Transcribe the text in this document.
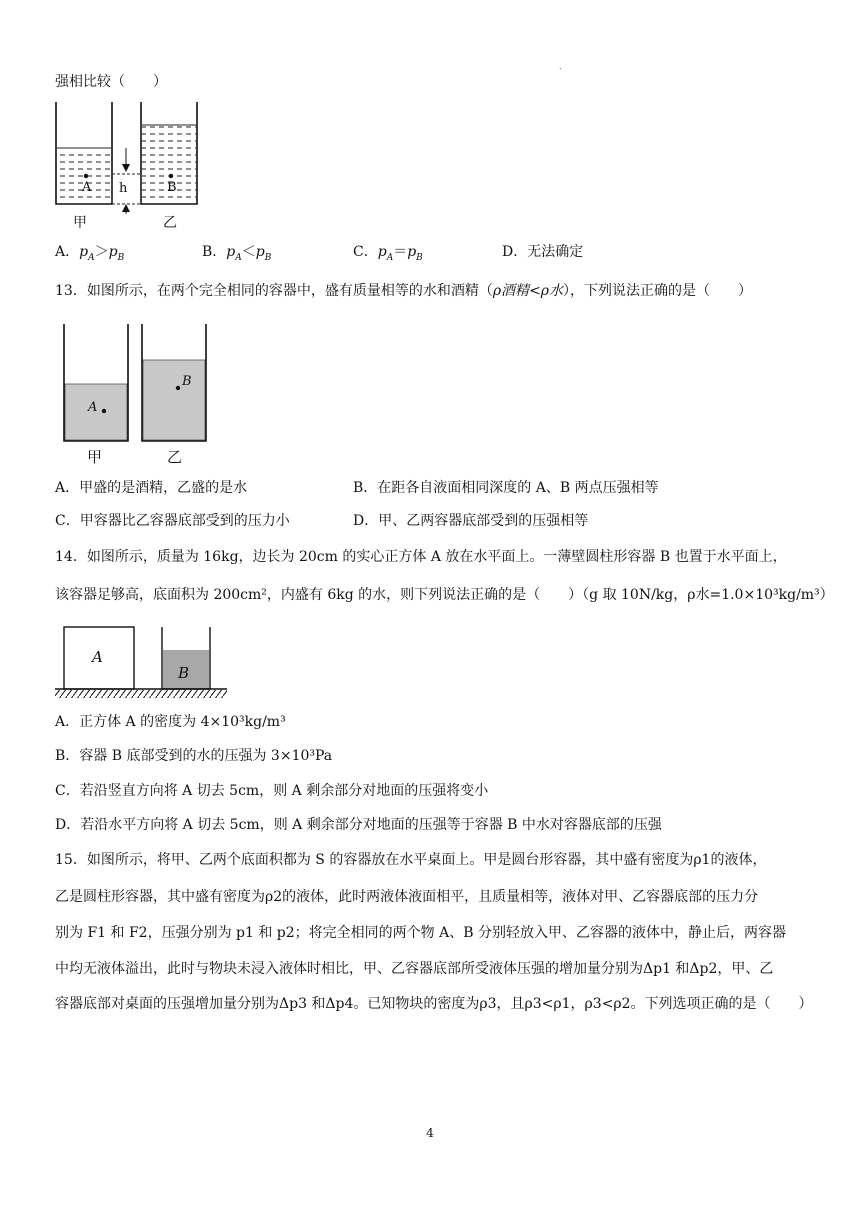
.
强相比较（　　）
A	B
h
甲	乙
A．$p_A>p_B$	B．$p_A<p_B$	C．$p_A=p_B$	D．无法确定
13．如图所示，在两个完全相同的容器中，盛有质量相等的水和酒精（ρ酒精<ρ水），下列说法正确的是（　　）
A
B
甲	乙
A．甲盛的是酒精，乙盛的是水	B．在距各自液面相同深度的 A、B 两点压强相等
C．甲容器比乙容器底部受到的压力小	D．甲、乙两容器底部受到的压强相等
14．如图所示，质量为 16kg，边长为 20cm 的实心正方体 A 放在水平面上。一薄壁圆柱形容器 B 也置于水平面上，
该容器足够高，底面积为 200cm²，内盛有 6kg 的水，则下列说法正确的是（　　）（g 取 10N/kg，ρ水=1.0×10³kg/m³）
A
B
A．正方体 A 的密度为 4×10³kg/m³
B．容器 B 底部受到的水的压强为 3×10³Pa
C．若沿竖直方向将 A 切去 5cm，则 A 剩余部分对地面的压强将变小
D．若沿水平方向将 A 切去 5cm，则 A 剩余部分对地面的压强等于容器 B 中水对容器底部的压强
15．如图所示，将甲、乙两个底面积都为 S 的容器放在水平桌面上。甲是圆台形容器，其中盛有密度为ρ1的液体，
乙是圆柱形容器，其中盛有密度为ρ2的液体，此时两液体液面相平，且质量相等，液体对甲、乙容器底部的压力分
别为 F1 和 F2，压强分别为 p1 和 p2；将完全相同的两个物 A、B 分别轻放入甲、乙容器的液体中，静止后，两容器
中均无液体溢出，此时与物块未浸入液体时相比，甲、乙容器底部所受液体压强的增加量分别为Δp1 和Δp2，甲、乙
容器底部对桌面的压强增加量分别为Δp3 和Δp4。已知物块的密度为ρ3，且ρ3<ρ1，ρ3<ρ2。下列选项正确的是（　　）
4
